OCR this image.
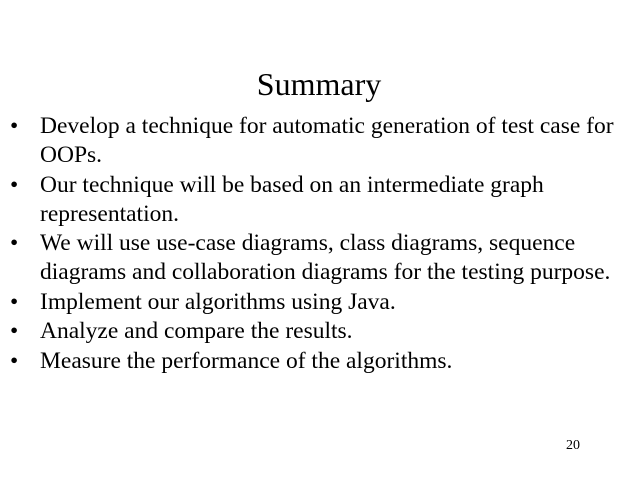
Summary
• Develop a technique for automatic generation of test case for OOPs.
• Our technique will be based on an intermediate graph representation.
• We will use use-case diagrams, class diagrams, sequence diagrams and collaboration diagrams for the testing purpose.
• Implement our algorithms using Java.
• Analyze and compare the results.
• Measure the performance of the algorithms.
20
